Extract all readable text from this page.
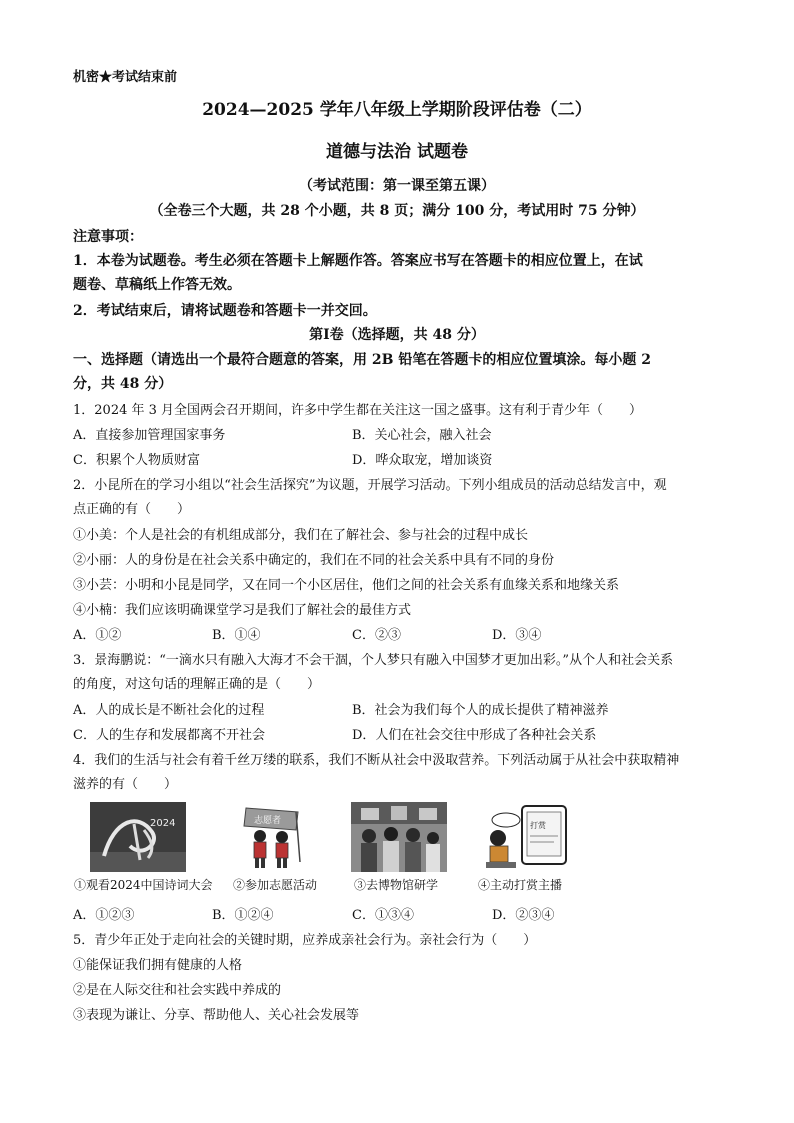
机密★考试结束前
2024—2025 学年八年级上学期阶段评估卷（二）
道德与法治 试题卷
（考试范围：第一课至第五课）
（全卷三个大题，共 28 个小题，共 8 页；满分 100 分，考试用时 75 分钟）
注意事项：
1．本卷为试题卷。考生必须在答题卡上解题作答。答案应书写在答题卡的相应位置上，在试
题卷、草稿纸上作答无效。
2．考试结束后，请将试题卷和答题卡一并交回。
第Ⅰ卷（选择题，共 48 分）
一、选择题（请选出一个最符合题意的答案，用 2B 铅笔在答题卡的相应位置填涂。每小题 2
分，共 48 分）
1．2024 年 3 月全国两会召开期间，许多中学生都在关注这一国之盛事。这有利于青少年（　　）
A．直接参加管理国家事务	B．关心社会，融入社会
C．积累个人物质财富	D．哗众取宠，增加谈资
2．小昆所在的学习小组以“社会生活探究”为议题，开展学习活动。下列小组成员的活动总结发言中，观
点正确的有（　　）
①小美：个人是社会的有机组成部分，我们在了解社会、参与社会的过程中成长
②小丽：人的身份是在社会关系中确定的，我们在不同的社会关系中具有不同的身份
③小芸：小明和小昆是同学，又在同一个小区居住，他们之间的社会关系有血缘关系和地缘关系
④小楠：我们应该明确课堂学习是我们了解社会的最佳方式
A．①②	B．①④	C．②③	D．③④
3．景海鹏说：“一滴水只有融入大海才不会干涸，个人梦只有融入中国梦才更加出彩。”从个人和社会关系
的角度，对这句话的理解正确的是（　　）
A．人的成长是不断社会化的过程	B．社会为我们每个人的成长提供了精神滋养
C．人的生存和发展都离不开社会	D．人们在社会交往中形成了各种社会关系
4．我们的生活与社会有着千丝万缕的联系，我们不断从社会中汲取营养。下列活动属于从社会中获取精神
滋养的有（　　）
2024
①观看2024中国诗词大会
志愿者
②参加志愿活动	③去博物馆研学
打赏
④主动打赏主播
A．①②③	B．①②④	C．①③④	D．②③④
5．青少年正处于走向社会的关键时期，应养成亲社会行为。亲社会行为（　　）
①能保证我们拥有健康的人格
②是在人际交往和社会实践中养成的
③表现为谦让、分享、帮助他人、关心社会发展等
